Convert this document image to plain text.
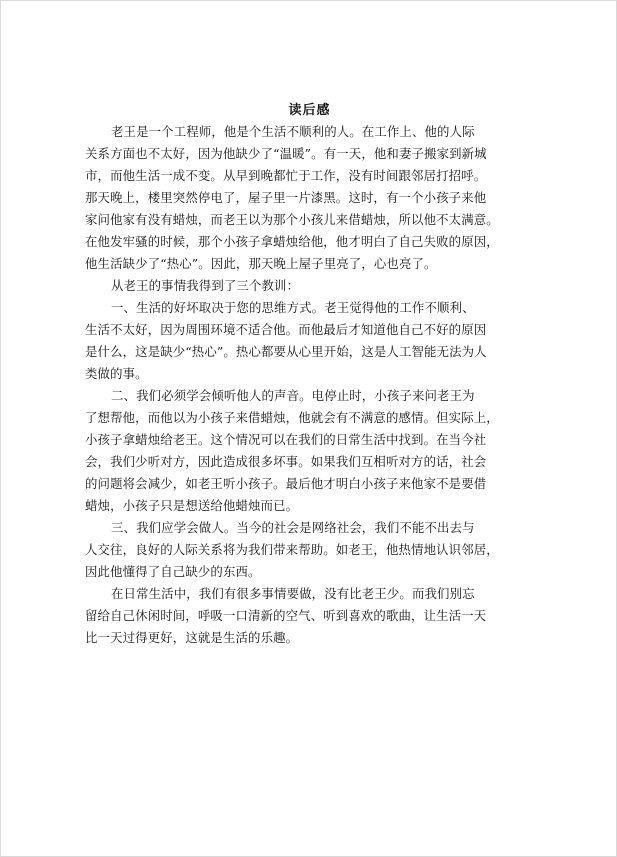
读后感
老王是一个工程师，他是个生活不顺利的人。在工作上、他的人际
关系方面也不太好，因为他缺少了“温暖”。有一天，他和妻子搬家到新城
市，而他生活一成不变。从早到晚都忙于工作，没有时间跟邻居打招呼。
那天晚上，楼里突然停电了，屋子里一片漆黑。这时，有一个小孩子来他
家问他家有没有蜡烛，而老王以为那个小孩儿来借蜡烛，所以他不太满意。
在他发牢骚的时候，那个小孩子拿蜡烛给他，他才明白了自己失败的原因，
他生活缺少了“热心”。因此，那天晚上屋子里亮了，心也亮了。
从老王的事情我得到了三个教训：
一、生活的好坏取决于您的思维方式。老王觉得他的工作不顺利、
生活不太好，因为周围环境不适合他。而他最后才知道他自己不好的原因
是什么，这是缺少“热心”。热心都要从心里开始，这是人工智能无法为人
类做的事。
二、我们必须学会倾听他人的声音。电停止时，小孩子来问老王为
了想帮他，而他以为小孩子来借蜡烛，他就会有不满意的感情。但实际上，
小孩子拿蜡烛给老王。这个情况可以在我们的日常生活中找到。在当今社
会，我们少听对方，因此造成很多坏事。如果我们互相听对方的话，社会
的问题将会减少，如老王听小孩子。最后他才明白小孩子来他家不是要借
蜡烛，小孩子只是想送给他蜡烛而已。
三、我们应学会做人。当今的社会是网络社会，我们不能不出去与
人交往，良好的人际关系将为我们带来帮助。如老王，他热情地认识邻居，
因此他懂得了自己缺少的东西。
在日常生活中，我们有很多事情要做，没有比老王少。而我们别忘
留给自己休闲时间，呼吸一口清新的空气、听到喜欢的歌曲，让生活一天
比一天过得更好，这就是生活的乐趣。
